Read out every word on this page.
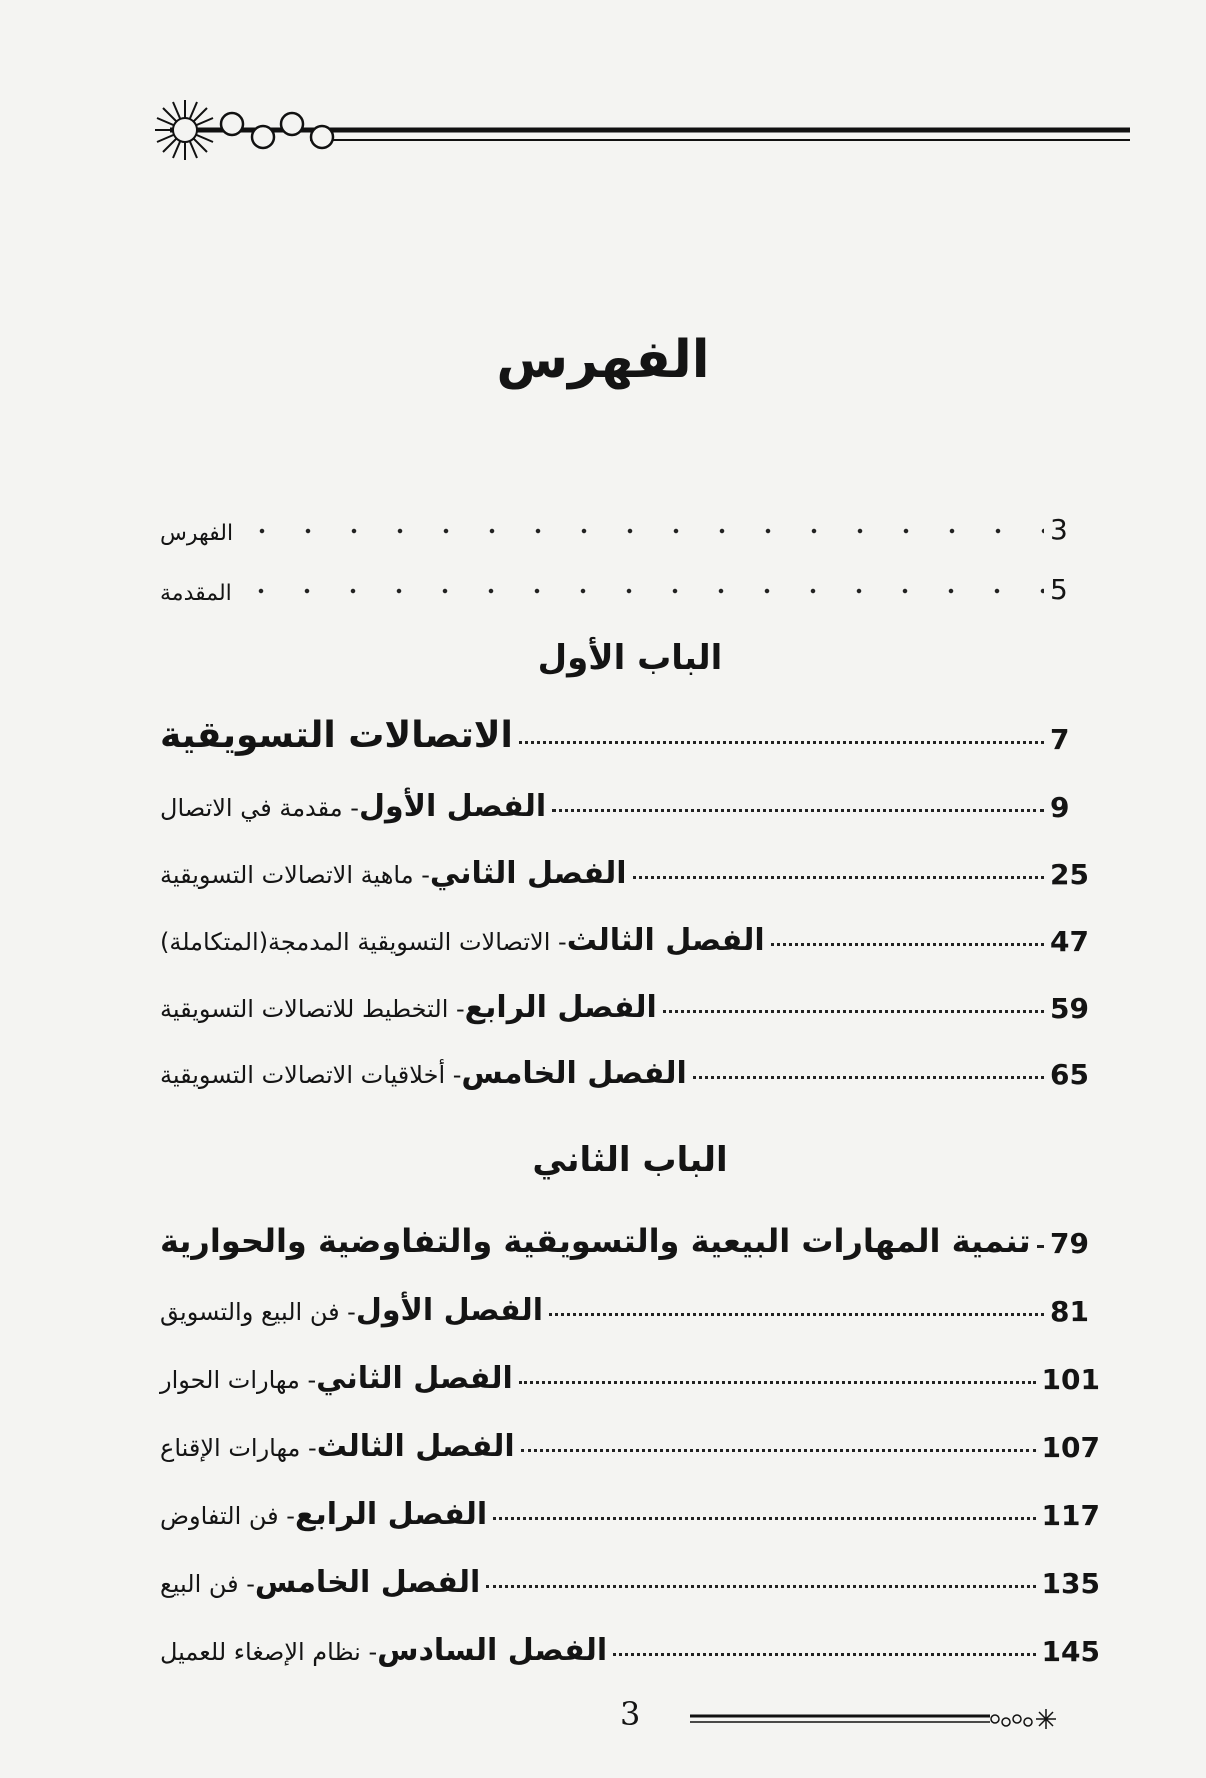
الفهرس
الفهرس	3
المقدمة	5
الباب الأول
الاتصالات التسويقية	7
الفصل الأول- مقدمة في الاتصال	9
الفصل الثاني- ماهية الاتصالات التسويقية	25
الفصل الثالث- الاتصالات التسويقية المدمجة(المتكاملة)	47
الفصل الرابع- التخطيط للاتصالات التسويقية	59
الفصل الخامس- أخلاقيات الاتصالات التسويقية	65
الباب الثاني
تنمية المهارات البيعية والتسويقية والتفاوضية والحوارية 79
الفصل الأول- فن البيع والتسويق	81
الفصل الثاني- مهارات الحوار	101
الفصل الثالث- مهارات الإقناع	107
الفصل الرابع- فن التفاوض	117
الفصل الخامس- فن البيع	135
الفصل السادس- نظام الإصغاء للعميل	145
3
